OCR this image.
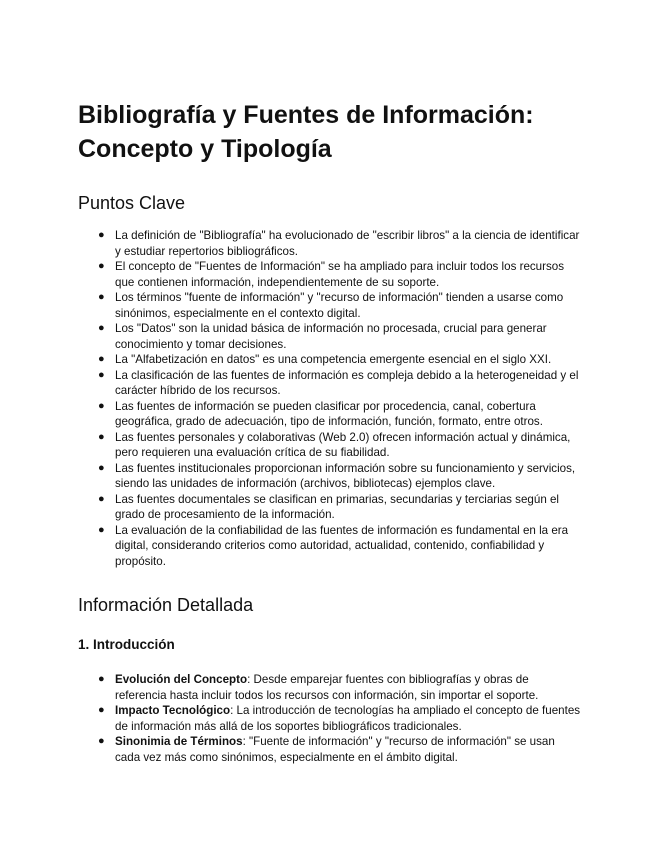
Bibliografía y Fuentes de Información: Concepto y Tipología
Puntos Clave
● La definición de "Bibliografía" ha evolucionado de "escribir libros" a la ciencia de identificar y estudiar repertorios bibliográficos.
● El concepto de "Fuentes de Información" se ha ampliado para incluir todos los recursos que contienen información, independientemente de su soporte.
● Los términos "fuente de información" y "recurso de información" tienden a usarse como sinónimos, especialmente en el contexto digital.
● Los "Datos" son la unidad básica de información no procesada, crucial para generar conocimiento y tomar decisiones.
● La "Alfabetización en datos" es una competencia emergente esencial en el siglo XXI.
● La clasificación de las fuentes de información es compleja debido a la heterogeneidad y el carácter híbrido de los recursos.
● Las fuentes de información se pueden clasificar por procedencia, canal, cobertura geográfica, grado de adecuación, tipo de información, función, formato, entre otros.
● Las fuentes personales y colaborativas (Web 2.0) ofrecen información actual y dinámica, pero requieren una evaluación crítica de su fiabilidad.
● Las fuentes institucionales proporcionan información sobre su funcionamiento y servicios, siendo las unidades de información (archivos, bibliotecas) ejemplos clave.
● Las fuentes documentales se clasifican en primarias, secundarias y terciarias según el grado de procesamiento de la información.
● La evaluación de la confiabilidad de las fuentes de información es fundamental en la era digital, considerando criterios como autoridad, actualidad, contenido, confiabilidad y propósito.
Información Detallada
1. Introducción
● Evolución del Concepto: Desde emparejar fuentes con bibliografías y obras de referencia hasta incluir todos los recursos con información, sin importar el soporte.
● Impacto Tecnológico: La introducción de tecnologías ha ampliado el concepto de fuentes de información más allá de los soportes bibliográficos tradicionales.
● Sinonimia de Términos: "Fuente de información" y "recurso de información" se usan cada vez más como sinónimos, especialmente en el ámbito digital.
